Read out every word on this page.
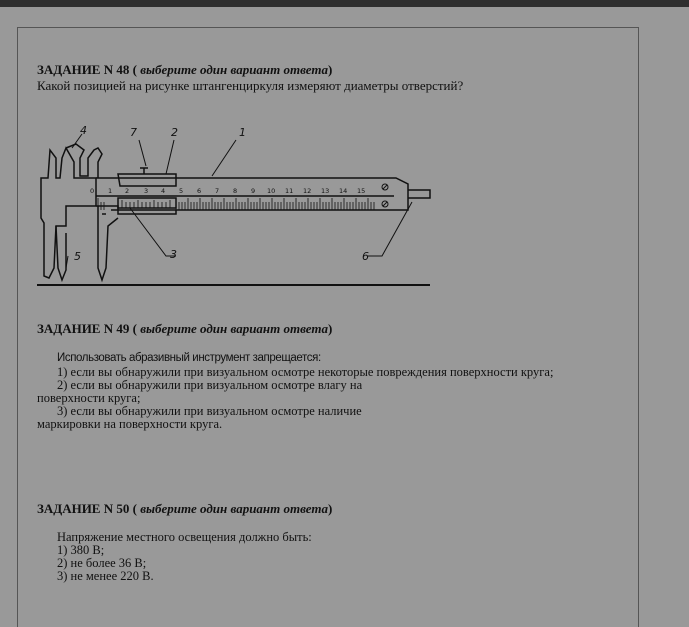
ЗАДАНИЕ N 48 ( выберите один вариант ответа)
Какой позицией на рисунке штангенциркуля измеряют диаметры отверстий?
0 1 2 3 4 5 6 7 8 9 10 11 12 13 14 15
1
2
3
4
5	6
7
ЗАДАНИЕ N 49 ( выберите один вариант ответа)
Использовать абразивный инструмент запрещается:
1) если вы обнаружили при визуальном осмотре некоторые повреждения поверхности круга;
2) если вы обнаружили при визуальном осмотре влагу на
поверхности круга;
3) если вы обнаружили при визуальном осмотре наличие
маркировки на поверхности круга.
ЗАДАНИЕ N 50 ( выберите один вариант ответа)
Напряжение местного освещения должно быть:
1) 380 В;
2) не более 36 В;
3) не менее 220 В.
